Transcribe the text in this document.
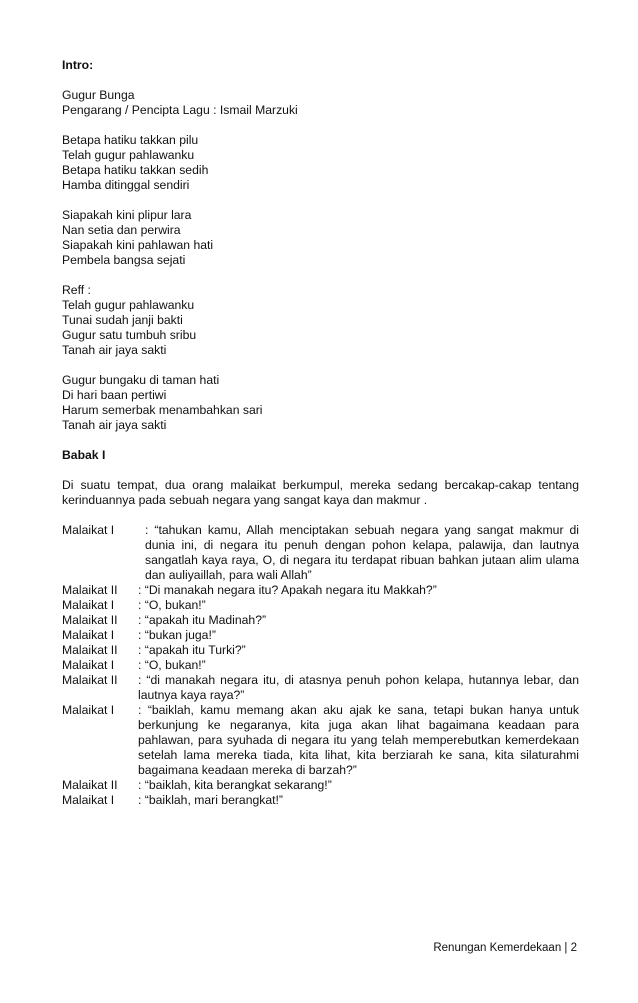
Intro:
Gugur Bunga
Pengarang / Pencipta Lagu : Ismail Marzuki
Betapa hatiku takkan pilu
Telah gugur pahlawanku
Betapa hatiku takkan sedih
Hamba ditinggal sendiri
Siapakah kini plipur lara
Nan setia dan perwira
Siapakah kini pahlawan hati
Pembela bangsa sejati
Reff :
Telah gugur pahlawanku
Tunai sudah janji bakti
Gugur satu tumbuh sribu
Tanah air jaya sakti
Gugur bungaku di taman hati
Di hari baan pertiwi
Harum semerbak menambahkan sari
Tanah air jaya sakti
Babak I
Di suatu tempat, dua orang malaikat berkumpul, mereka sedang bercakap-cakap tentang kerinduannya pada sebuah negara yang sangat kaya dan makmur .
Malaikat I	: “tahukan kamu, Allah menciptakan sebuah negara yang sangat makmur di dunia ini, di negara itu penuh dengan pohon kelapa, palawija, dan lautnya sangatlah kaya raya, O, di negara itu terdapat ribuan bahkan jutaan alim ulama dan auliyaillah, para wali Allah”
Malaikat II	: “Di manakah negara itu? Apakah negara itu Makkah?”
Malaikat I	: “O, bukan!”
Malaikat II	: “apakah itu Madinah?”
Malaikat I	: “bukan juga!”
Malaikat II	: “apakah itu Turki?”
Malaikat I	: “O, bukan!”
Malaikat II	: “di manakah negara itu, di atasnya penuh pohon kelapa, hutannya lebar, dan lautnya kaya raya?”
Malaikat I	: “baiklah, kamu memang akan aku ajak ke sana, tetapi bukan hanya untuk berkunjung ke negaranya, kita juga akan lihat bagaimana keadaan para pahlawan, para syuhada di negara itu yang telah memperebutkan kemerdekaan setelah lama mereka tiada, kita lihat, kita berziarah ke sana, kita silaturahmi bagaimana keadaan mereka di barzah?”
Malaikat II	: “baiklah, kita berangkat sekarang!”
Malaikat I	: “baiklah, mari berangkat!”
Renungan Kemerdekaan | 2
